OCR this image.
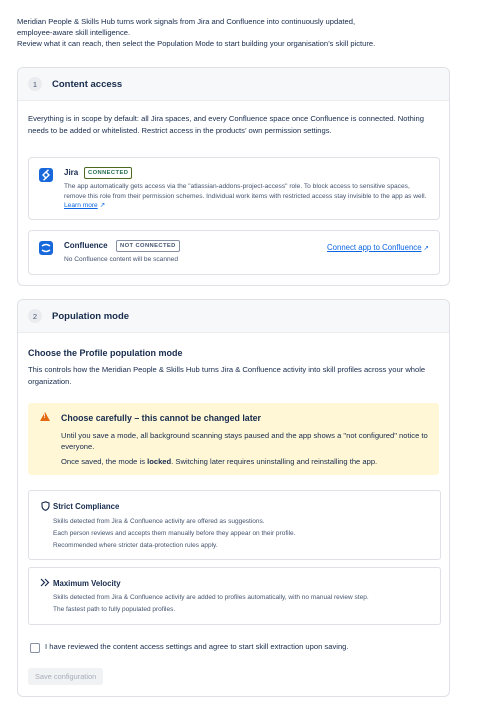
Meridian People & Skills Hub turns work signals from Jira and Confluence into continuously updated,
employee-aware skill intelligence.
Review what it can reach, then select the Population Mode to start building your organisation’s skill picture.
1	Content access
Everything is in scope by default: all Jira spaces, and every Confluence space once Confluence is connected. Nothing needs to be added or whitelisted. Restrict access in the products’ own permission settings.
Jira	CONNECTED
The app automatically gets access via the "atlassian-addons-project-access" role. To block access to sensitive spaces, remove this role from their permission schemes. Individual work items with restricted access stay invisible to the app as well. Learn more ↗
Confluence	NOT CONNECTED
No Confluence content will be scanned
Connect app to Confluence ↗
2	Population mode
Choose the Profile population mode
This controls how the Meridian People & Skills Hub turns Jira & Confluence activity into skill profiles across your whole organization.
!
Choose carefully – this cannot be changed later
Until you save a mode, all background scanning stays paused and the app shows a "not configured" notice to everyone.
Once saved, the mode is locked. Switching later requires uninstalling and reinstalling the app.
Strict Compliance
Skills detected from Jira & Confluence activity are offered as suggestions.
Each person reviews and accepts them manually before they appear on their profile.
Recommended where stricter data-protection rules apply.
Maximum Velocity
Skills detected from Jira & Confluence activity are added to profiles automatically, with no manual review step.
The fastest path to fully populated profiles.
I have reviewed the content access settings and agree to start skill extraction upon saving.
Save configuration
